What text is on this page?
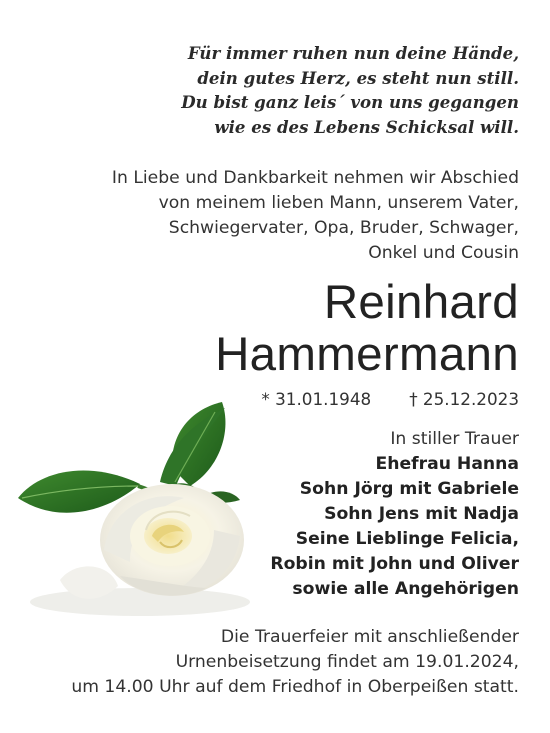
Für immer ruhen nun deine Hände,
dein gutes Herz, es steht nun still.
Du bist ganz leis´ von uns gegangen
wie es des Lebens Schicksal will.
In Liebe und Dankbarkeit nehmen wir Abschied
von meinem lieben Mann, unserem Vater,
Schwiegervater, Opa, Bruder, Schwager,
Onkel und Cousin
Reinhard
Hammermann
* 31.01.1948 † 25.12.2023
In stiller Trauer
Ehefrau Hanna
Sohn Jörg mit Gabriele
Sohn Jens mit Nadja
Seine Lieblinge Felicia,
Robin mit John und Oliver
sowie alle Angehörigen
Die Trauerfeier mit anschließender
Urnenbeisetzung findet am 19.01.2024,
um 14.00 Uhr auf dem Friedhof in Oberpeißen statt.
